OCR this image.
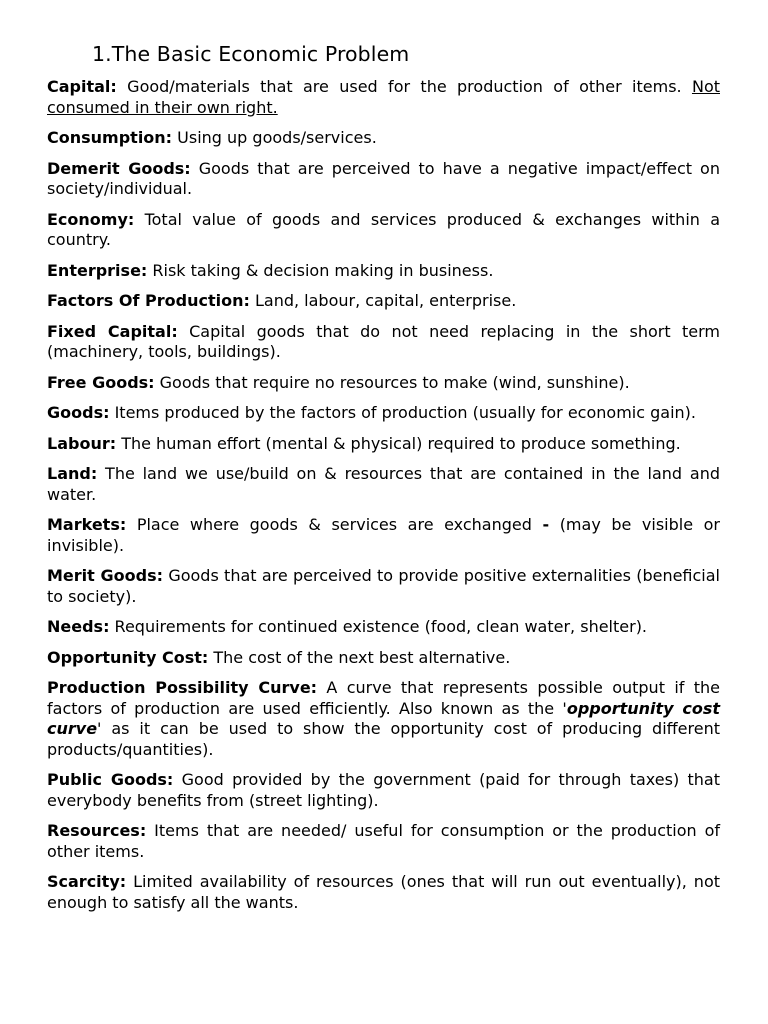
1.The Basic Economic Problem

Capital: Good/materials that are used for the production of other items. Not consumed in their own right.

Consumption: Using up goods/services.

Demerit Goods: Goods that are perceived to have a negative impact/effect on society/individual.

Economy: Total value of goods and services produced & exchanges within a country.

Enterprise: Risk taking & decision making in business.

Factors Of Production: Land, labour, capital, enterprise.

Fixed Capital: Capital goods that do not need replacing in the short term (machinery, tools, buildings).

Free Goods: Goods that require no resources to make (wind, sunshine).

Goods: Items produced by the factors of production (usually for economic gain).

Labour: The human effort (mental & physical) required to produce something.

Land: The land we use/build on & resources that are contained in the land and water.

Markets: Place where goods & services are exchanged - (may be visible or invisible).

Merit Goods: Goods that are perceived to provide positive externalities (beneficial to society).

Needs: Requirements for continued existence (food, clean water, shelter).

Opportunity Cost: The cost of the next best alternative.

Production Possibility Curve: A curve that represents possible output if the factors of production are used efficiently. Also known as the 'opportunity cost curve' as it can be used to show the opportunity cost of producing different products/quantities).

Public Goods: Good provided by the government (paid for through taxes) that everybody benefits from (street lighting).

Resources: Items that are needed/ useful for consumption or the production of other items.

Scarcity: Limited availability of resources (ones that will run out eventually), not enough to satisfy all the wants.
